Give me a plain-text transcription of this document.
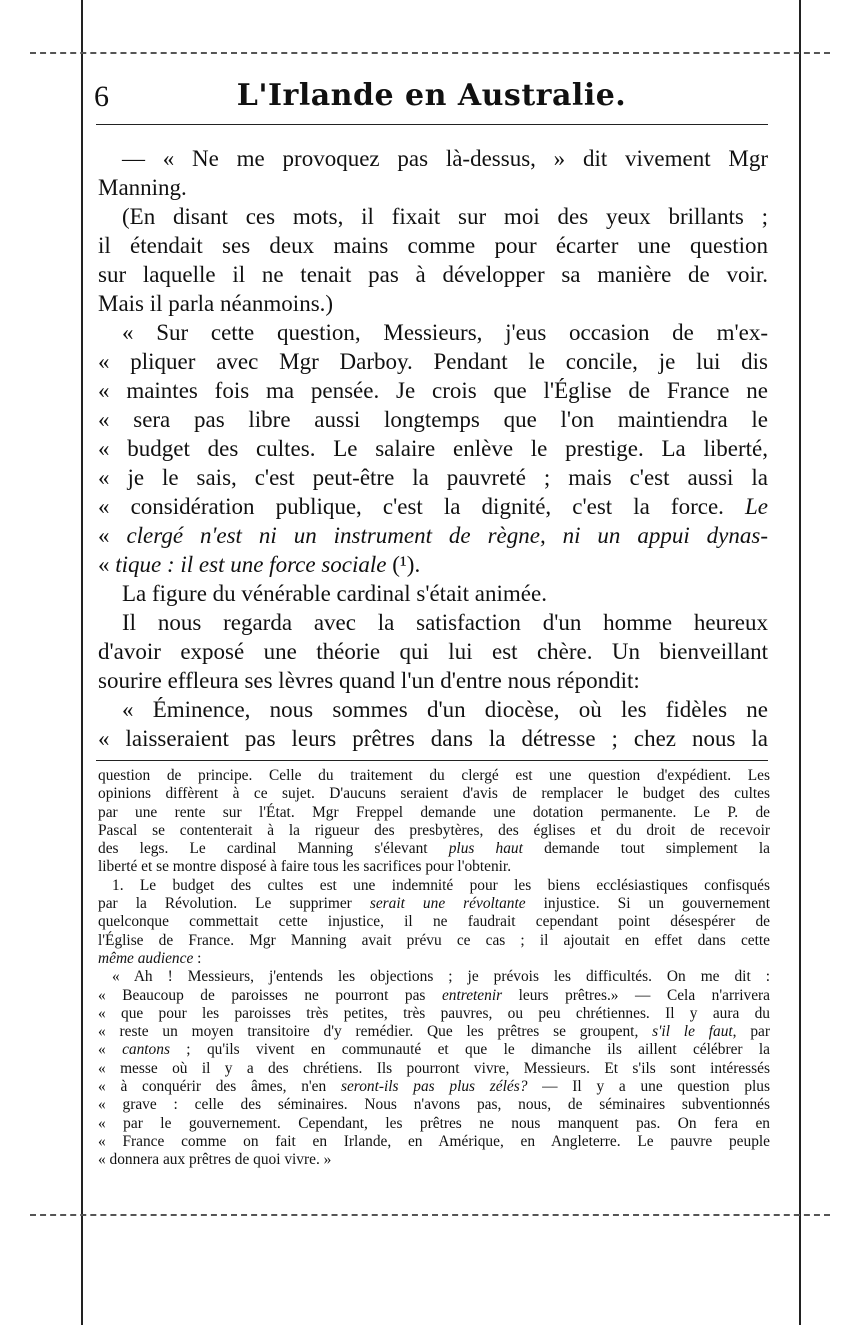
6	L'Irlande en Australie.
— « Ne me provoquez pas là-dessus, » dit vivement Mgr
Manning.
(En disant ces mots, il fixait sur moi des yeux brillants ;
il étendait ses deux mains comme pour écarter une question
sur laquelle il ne tenait pas à développer sa manière de voir.
Mais il parla néanmoins.)
« Sur cette question, Messieurs, j'eus occasion de m'ex-
« pliquer avec Mgr Darboy. Pendant le concile, je lui dis
« maintes fois ma pensée. Je crois que l'Église de France ne
« sera pas libre aussi longtemps que l'on maintiendra le
« budget des cultes. Le salaire enlève le prestige. La liberté,
« je le sais, c'est peut-être la pauvreté ; mais c'est aussi la
« considération publique, c'est la dignité, c'est la force. Le
« clergé n'est ni un instrument de règne, ni un appui dynas-
« tique : il est une force sociale (¹).
La figure du vénérable cardinal s'était animée.
Il nous regarda avec la satisfaction d'un homme heureux
d'avoir exposé une théorie qui lui est chère. Un bienveillant
sourire effleura ses lèvres quand l'un d'entre nous répondit:
« Éminence, nous sommes d'un diocèse, où les fidèles ne
« laisseraient pas leurs prêtres dans la détresse ; chez nous la
question de principe. Celle du traitement du clergé est une question d'expédient. Les
opinions diffèrent à ce sujet. D'aucuns seraient d'avis de remplacer le budget des cultes
par une rente sur l'État. Mgr Freppel demande une dotation permanente. Le P. de
Pascal se contenterait à la rigueur des presbytères, des églises et du droit de recevoir
des legs. Le cardinal Manning s'élevant plus haut demande tout simplement la
liberté et se montre disposé à faire tous les sacrifices pour l'obtenir.
1. Le budget des cultes est une indemnité pour les biens ecclésiastiques confisqués
par la Révolution. Le supprimer serait une révoltante injustice. Si un gouvernement
quelconque commettait cette injustice, il ne faudrait cependant point désespérer de
l'Église de France. Mgr Manning avait prévu ce cas ; il ajoutait en effet dans cette
même audience :
« Ah ! Messieurs, j'entends les objections ; je prévois les difficultés. On me dit :
« Beaucoup de paroisses ne pourront pas entretenir leurs prêtres.» — Cela n'arrivera
« que pour les paroisses très petites, très pauvres, ou peu chrétiennes. Il y aura du
« reste un moyen transitoire d'y remédier. Que les prêtres se groupent, s'il le faut, par
« cantons ; qu'ils vivent en communauté et que le dimanche ils aillent célébrer la
« messe où il y a des chrétiens. Ils pourront vivre, Messieurs. Et s'ils sont intéressés
« à conquérir des âmes, n'en seront-ils pas plus zélés? — Il y a une question plus
« grave : celle des séminaires. Nous n'avons pas, nous, de séminaires subventionnés
« par le gouvernement. Cependant, les prêtres ne nous manquent pas. On fera en
« France comme on fait en Irlande, en Amérique, en Angleterre. Le pauvre peuple
« donnera aux prêtres de quoi vivre. »
